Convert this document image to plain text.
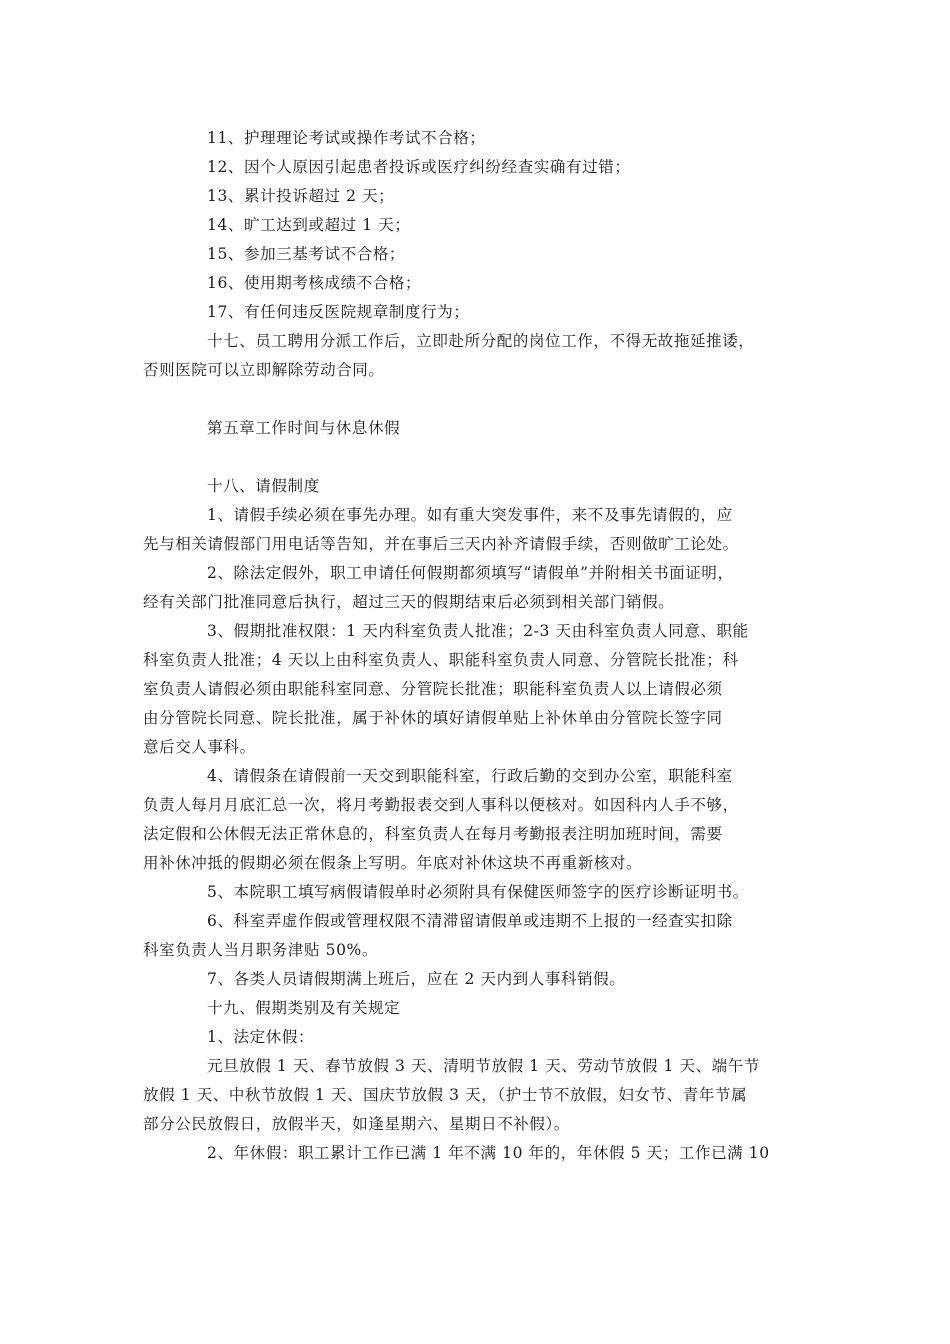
11、护理理论考试或操作考试不合格；
12、因个人原因引起患者投诉或医疗纠纷经查实确有过错；
13、累计投诉超过 2 天；
14、旷工达到或超过 1 天；
15、参加三基考试不合格；
16、使用期考核成绩不合格；
17、有任何违反医院规章制度行为；
十七、员工聘用分派工作后，立即赴所分配的岗位工作，不得无故拖延推诿，
否则医院可以立即解除劳动合同。
第五章工作时间与休息休假
十八、请假制度
1、请假手续必须在事先办理。如有重大突发事件，来不及事先请假的，应
先与相关请假部门用电话等告知，并在事后三天内补齐请假手续，否则做旷工论处。
2、除法定假外，职工申请任何假期都须填写“请假单”并附相关书面证明，
经有关部门批准同意后执行，超过三天的假期结束后必须到相关部门销假。
3、假期批准权限：1 天内科室负责人批准；2-3 天由科室负责人同意、职能
科室负责人批准；4 天以上由科室负责人、职能科室负责人同意、分管院长批准；科
室负责人请假必须由职能科室同意、分管院长批准；职能科室负责人以上请假必须
由分管院长同意、院长批准，属于补休的填好请假单贴上补休单由分管院长签字同
意后交人事科。
4、请假条在请假前一天交到职能科室，行政后勤的交到办公室，职能科室
负责人每月月底汇总一次，将月考勤报表交到人事科以便核对。如因科内人手不够，
法定假和公休假无法正常休息的，科室负责人在每月考勤报表注明加班时间，需要
用补休冲抵的假期必须在假条上写明。年底对补休这块不再重新核对。
5、本院职工填写病假请假单时必须附具有保健医师签字的医疗诊断证明书。
6、科室弄虚作假或管理权限不清滞留请假单或违期不上报的一经查实扣除
科室负责人当月职务津贴 50%。
7、各类人员请假期满上班后，应在 2 天内到人事科销假。
十九、假期类别及有关规定
1、法定休假：
元旦放假 1 天、春节放假 3 天、清明节放假 1 天、劳动节放假 1 天、端午节
放假 1 天、中秋节放假 1 天、国庆节放假 3 天，（护士节不放假，妇女节、青年节属
部分公民放假日，放假半天，如逢星期六、星期日不补假）。
2、年休假：职工累计工作已满 1 年不满 10 年的，年休假 5 天；工作已满 10
